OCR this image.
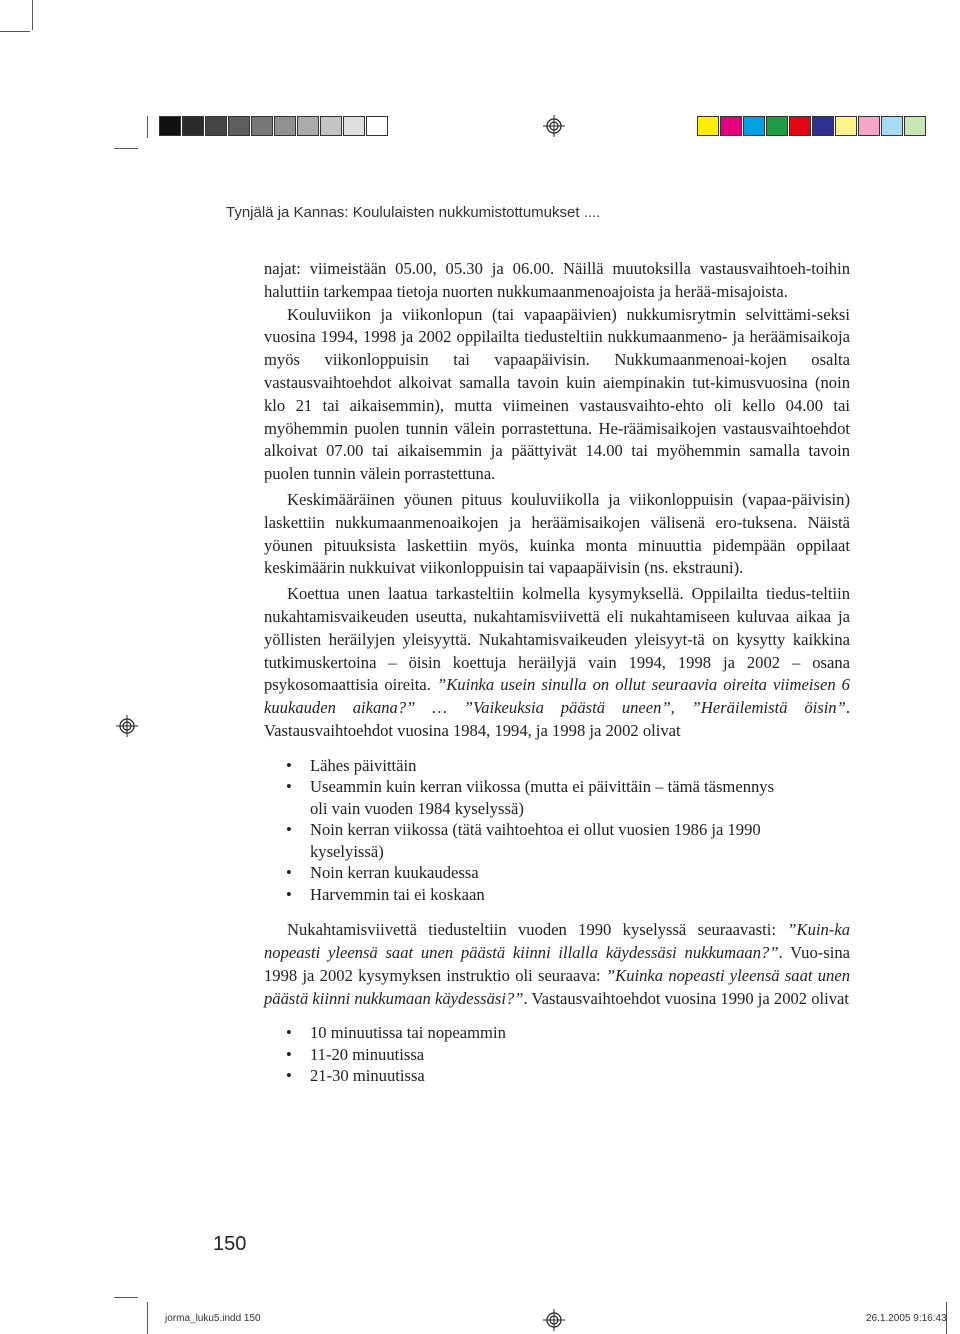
Tynjälä ja Kannas: Koululaisten nukkumistottumukset ....

najat: viimeistään 05.00, 05.30 ja 06.00. Näillä muutoksilla vastausvaihtoeh-toihin haluttiin tarkempaa tietoja nuorten nukkumaanmenoajoista ja herää-misajoista.

Kouluviikon ja viikonlopun (tai vapaapäivien) nukkumisrytmin selvittämi-seksi vuosina 1994, 1998 ja 2002 oppilailta tiedusteltiin nukkumaanmeno- ja heräämisaikoja myös viikonloppuisin tai vapaapäivisin. Nukkumaanmenoai-kojen osalta vastausvaihtoehdot alkoivat samalla tavoin kuin aiempinakin tut-kimusvuosina (noin klo 21 tai aikaisemmin), mutta viimeinen vastausvaihto-ehto oli kello 04.00 tai myöhemmin puolen tunnin välein porrastettuna. He-räämisaikojen vastausvaihtoehdot alkoivat 07.00 tai aikaisemmin ja päättyivät 14.00 tai myöhemmin samalla tavoin puolen tunnin välein porrastettuna.

Keskimääräinen yöunen pituus kouluviikolla ja viikonloppuisin (vapaa-päivisin) laskettiin nukkumaanmenoaikojen ja heräämisaikojen välisenä ero-tuksena. Näistä yöunen pituuksista laskettiin myös, kuinka monta minuuttia pidempään oppilaat keskimäärin nukkuivat viikonloppuisin tai vapaapäivisin (ns. ekstrauni).

Koettua unen laatua tarkasteltiin kolmella kysymyksellä. Oppilailta tiedus-teltiin nukahtamisvaikeuden useutta, nukahtamisviivettä eli nukahtamiseen kuluvaa aikaa ja yöllisten heräilyjen yleisyyttä. Nukahtamisvaikeuden yleisyyt-tä on kysytty kaikkina tutkimuskertoina – öisin koettuja heräilyjä vain 1994, 1998 ja 2002 – osana psykosomaattisia oireita. ”Kuinka usein sinulla on ollut seuraavia oireita viimeisen 6 kuukauden aikana?” … ”Vaikeuksia päästä uneen”, ”Heräilemistä öisin”. Vastausvaihtoehdot vuosina 1984, 1994, ja 1998 ja 2002 olivat

• Lähes päivittäin
• Useammin kuin kerran viikossa (mutta ei päivittäin – tämä täsmennys
oli vain vuoden 1984 kyselyssä)
• Noin kerran viikossa (tätä vaihtoehtoa ei ollut vuosien 1986 ja 1990
kyselyissä)
• Noin kerran kuukaudessa
• Harvemmin tai ei koskaan

Nukahtamisviivettä tiedusteltiin vuoden 1990 kyselyssä seuraavasti: ”Kuin-ka nopeasti yleensä saat unen päästä kiinni illalla käydessäsi nukkumaan?”. Vuo-sina 1998 ja 2002 kysymyksen instruktio oli seuraava: ”Kuinka nopeasti yleensä saat unen päästä kiinni nukkumaan käydessäsi?”. Vastausvaihtoehdot vuosina 1990 ja 2002 olivat

• 10 minuutissa tai nopeammin
• 11-20 minuutissa
• 21-30 minuutissa
150
jorma_luku5.indd 150	26.1.2005 9:16:43
